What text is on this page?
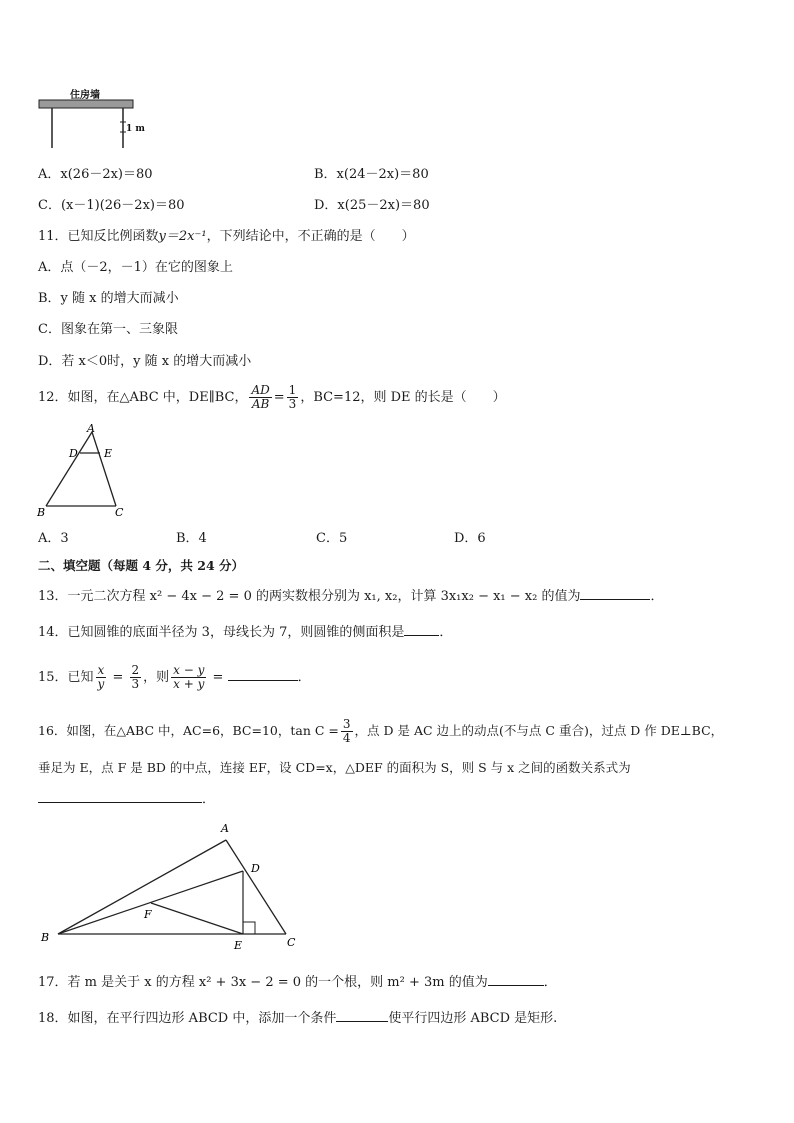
住房墙
1 m
A．x(26－2x)＝80	B．x(24－2x)＝80
C．(x－1)(26－2x)＝80	D．x(25－2x)＝80
11．已知反比例函数y＝2x⁻¹，下列结论中，不正确的是（　　）
A．点（－2，－1）在它的图象上
B．y 随 x 的增大而减小
C．图象在第一、三象限
D．若 x＜0时，y 随 x 的增大而减小
12．如图，在△ABC 中，DE∥BC， $\frac{AD}{AB} = \frac{1}{3}$ ，BC=12，则 DE 的长是（　　）
A
D E
B	C
A．3	B．4	C．5	D．6
二、填空题（每题 4 分，共 24 分）
13．一元二次方程 x² − 4x − 2 = 0 的两实数根分别为 x₁, x₂，计算 3x₁x₂ − x₁ − x₂ 的值为	．
14．已知圆锥的底面半径为 3，母线长为 7，则圆锥的侧面积是	．
15．已知 $\frac{x}{y} = \frac{2}{3}$ ，则 $\frac{x - y}{x + y}$ =	．
16．如图，在△ABC 中，AC=6，BC=10，$\tan C = \frac{3}{4}$ ，点 D 是 AC 边上的动点(不与点 C 重合)，过点 D 作 DE⊥BC，
垂足为 E，点 F 是 BD 的中点，连接 EF，设 CD=x，△DEF 的面积为 S，则 S 与 x 之间的函数关系式为
．
A
D
F
B
E	C
17．若 m 是关于 x 的方程 x² + 3x − 2 = 0 的一个根，则 m² + 3m 的值为	．
18．如图，在平行四边形 ABCD 中，添加一个条件	使平行四边形 ABCD 是矩形.
